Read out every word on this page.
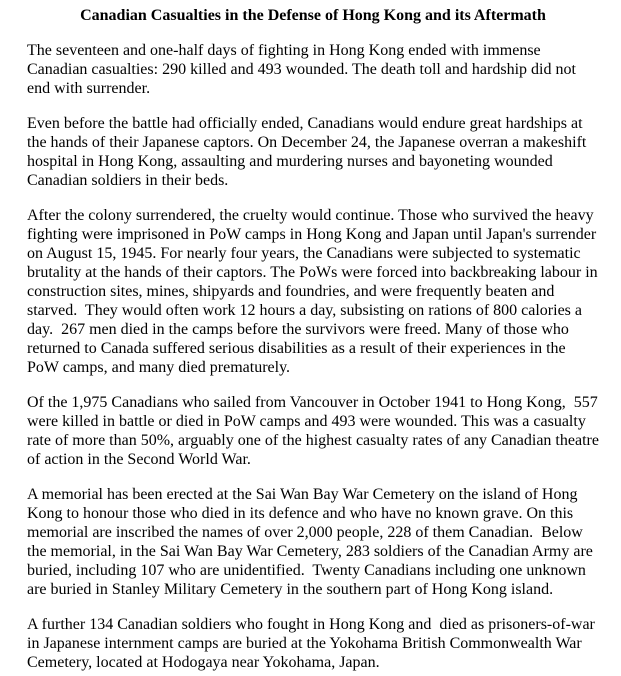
Canadian Casualties in the Defense of Hong Kong and its Aftermath

The seventeen and one-half days of fighting in Hong Kong ended with immense Canadian casualties: 290 killed and 493 wounded. The death toll and hardship did not end with surrender.

Even before the battle had officially ended, Canadians would endure great hardships at the hands of their Japanese captors. On December 24, the Japanese overran a makeshift hospital in Hong Kong, assaulting and murdering nurses and bayoneting wounded Canadian soldiers in their beds.

After the colony surrendered, the cruelty would continue. Those who survived the heavy fighting were imprisoned in PoW camps in Hong Kong and Japan until Japan's surrender on August 15, 1945. For nearly four years, the Canadians were subjected to systematic brutality at the hands of their captors. The PoWs were forced into backbreaking labour in construction sites, mines, shipyards and foundries, and were frequently beaten and starved.  They would often work 12 hours a day, subsisting on rations of 800 calories a day.  267 men died in the camps before the survivors were freed. Many of those who returned to Canada suffered serious disabilities as a result of their experiences in the PoW camps, and many died prematurely.

Of the 1,975 Canadians who sailed from Vancouver in October 1941 to Hong Kong,  557 were killed in battle or died in PoW camps and 493 were wounded. This was a casualty rate of more than 50%, arguably one of the highest casualty rates of any Canadian theatre of action in the Second World War.

A memorial has been erected at the Sai Wan Bay War Cemetery on the island of Hong Kong to honour those who died in its defence and who have no known grave. On this memorial are inscribed the names of over 2,000 people, 228 of them Canadian.  Below the memorial, in the Sai Wan Bay War Cemetery, 283 soldiers of the Canadian Army are buried, including 107 who are unidentified.  Twenty Canadians including one unknown are buried in Stanley Military Cemetery in the southern part of Hong Kong island.

A further 134 Canadian soldiers who fought in Hong Kong and  died as prisoners-of-war in Japanese internment camps are buried at the Yokohama British Commonwealth War Cemetery, located at Hodogaya near Yokohama, Japan.
